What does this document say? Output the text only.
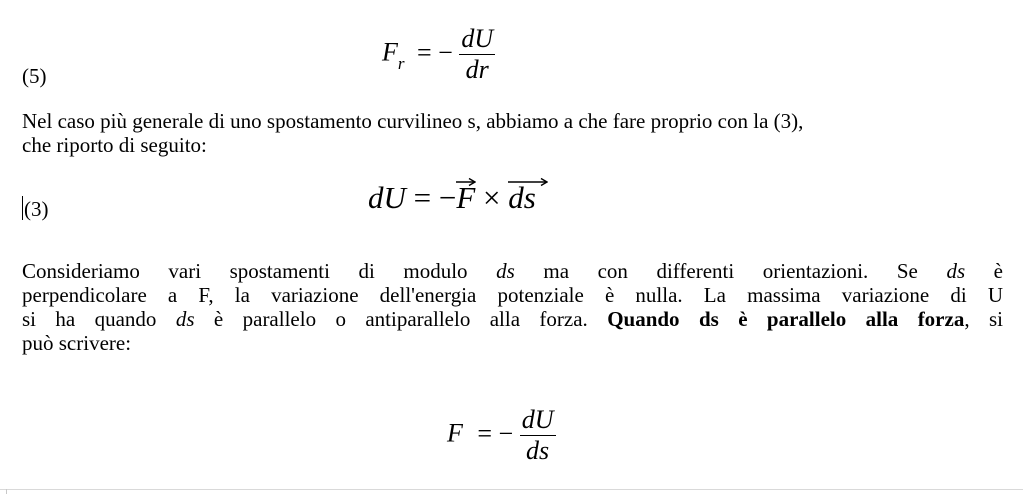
(5)
$F_r$ = − $\frac{dU}{dr}$
Nel caso più generale di uno spostamento curvilineo s, abbiamo a che fare proprio con la (3),
che riporto di seguito:
(3)	dU = −
F × ds
Consideriamo vari spostamenti di modulo ds ma con differenti orientazioni. Se ds è
perpendicolare a F, la variazione dell'energia potenziale è nulla. La massima variazione di U
si ha quando ds è parallelo o antiparallelo alla forza. Quando ds è parallelo alla forza, si
può scrivere:
F = − $\frac{dU}{ds}$
